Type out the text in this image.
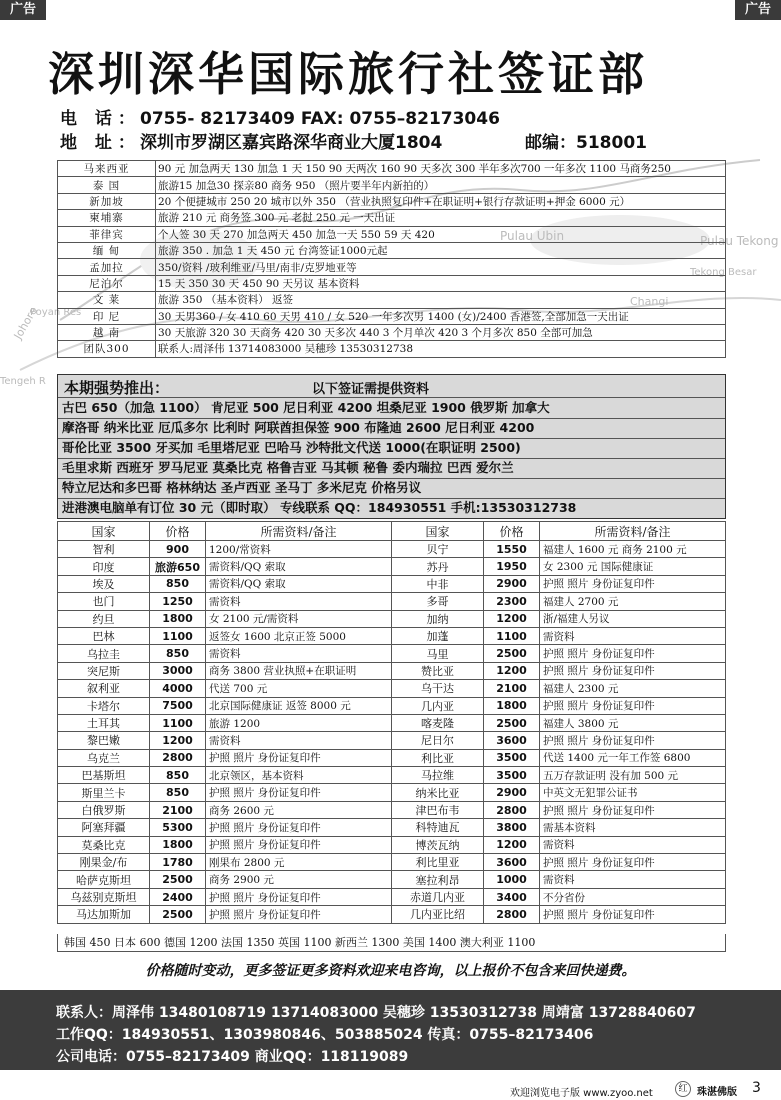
广告	广告
Pulau Ubin	Pulau Tekong
Tekong Besar
Changi
Poyan Res
Johore
Tengeh R
深圳深华国际旅行社签证部
电 话：0755- 82173409 FAX: 0755–82173046
地 址：深圳市罗湖区嘉宾路深华商业大厦1804	邮编：518001
马来西亚	90 元 加急两天 130 加急 1 天 150 90 天两次 160 90 天多次 300 半年多次700 一年多次 1100 马商务250
泰 国	旅游15 加急30 探亲80 商务 950 （照片要半年内新拍的）
新加坡	20 个便捷城市 250 20 城市以外 350 （营业执照复印件+在职证明+银行存款证明+押金 6000 元）
柬埔寨	旅游 210 元 商务签 300 元 老挝 250 元 一天出证
菲律宾	个人签 30 天 270 加急两天 450 加急一天 550 59 天 420
缅 甸	旅游 350 . 加急 1 天 450 元 台湾签证1000元起
孟加拉	350/资料 /玻利维亚/马里/南非/克罗地亚等
尼泊尔	15 天 350 30 天 450 90 天另议 基本资料
文 莱	旅游 350 （基本资料） 返签
印 尼	30 天男360 / 女 410 60 天男 410 / 女 520 一年多次男 1400 (女)/2400 香港签,全部加急一天出证
越 南	30 天旅游 320 30 天商务 420 30 天多次 440 3 个月单次 420 3 个月多次 850 全部可加急
团队300	联系人:周泽伟 13714083000 吴穗珍 13530312738
本期强势推出：	以下签证需提供资料
古巴 650（加急 1100） 肯尼亚 500 尼日利亚 4200 坦桑尼亚 1900 俄罗斯 加拿大
摩洛哥 纳米比亚 厄瓜多尔 比利时 阿联酋担保签 900 布隆迪 2600 尼日利亚 4200
哥伦比亚 3500 牙买加 毛里塔尼亚 巴哈马 沙特批文代送 1000(在职证明 2500)
毛里求斯 西班牙 罗马尼亚 莫桑比克 格鲁吉亚 马其顿 秘鲁 委内瑞拉 巴西 爱尔兰
特立尼达和多巴哥 格林纳达 圣卢西亚 圣马丁 多米尼克 价格另议
进港澳电脑单有订位 30 元（即时取） 专线联系 QQ：184930551 手机:13530312738
国家	价格	所需资料/备注	国家	价格	所需资料/备注
智利	900	1200/常资料	贝宁	1550	福建人 1600 元 商务 2100 元
印度	旅游650	需资料/QQ 索取	苏丹	1950	女 2300 元 国际健康证
埃及	850	需资料/QQ 索取	中非	2900	护照 照片 身份证复印件
也门	1250	需资料	多哥	2300	福建人 2700 元
约旦	1800	女 2100 元/需资料	加纳	1200	浙/福建人另议
巴林	1100	返签女 1600 北京正签 5000	加蓬	1100	需资料
乌拉圭	850	需资料	马里	2500	护照 照片 身份证复印件
突尼斯	3000	商务 3800 营业执照+在职证明	赞比亚	1200	护照 照片 身份证复印件
叙利亚	4000	代送 700 元	乌干达	2100	福建人 2300 元
卡塔尔	7500	北京国际健康证 返签 8000 元	几内亚	1800	护照 照片 身份证复印件
土耳其	1100	旅游 1200	喀麦隆	2500	福建人 3800 元
黎巴嫩	1200	需资料	尼日尔	3600	护照 照片 身份证复印件
乌克兰	2800	护照 照片 身份证复印件	利比亚	3500	代送 1400 元一年工作签 6800
巴基斯坦	850	北京领区，基本资料	马拉维	3500	五万存款证明 没有加 500 元
斯里兰卡	850	护照 照片 身份证复印件	纳米比亚	2900	中英文无犯罪公证书
白俄罗斯	2100	商务 2600 元	津巴布韦	2800	护照 照片 身份证复印件
阿塞拜疆	5300	护照 照片 身份证复印件	科特迪瓦	3800	需基本资料
莫桑比克	1800	护照 照片 身份证复印件	博茨瓦纳	1200	需资料
刚果金/布	1780	刚果布 2800 元	利比里亚	3600	护照 照片 身份证复印件
哈萨克斯坦	2500	商务 2900 元	塞拉利昂	1000	需资料
乌兹别克斯坦	2400	护照 照片 身份证复印件	赤道几内亚	3400	不分省份
马达加斯加	2500	护照 照片 身份证复印件	几内亚比绍	2800	护照 照片 身份证复印件
韩国 450 日本 600 德国 1200 法国 1350 英国 1100 新西兰 1300 美国 1400 澳大利亚 1100
价格随时变动，更多签证更多资料欢迎来电咨询，以上报价不包含来回快递费。
联系人：周泽伟 13480108719 13714083000 吴穗珍 13530312738 周靖富 13728840607
工作QQ：184930551、1303980846、503885024 传真：0755–82173406
公司电话：0755–82173409 商业QQ：118119089
欢迎浏览电子版 www.zyoo.net	红 珠湛佛版 3
